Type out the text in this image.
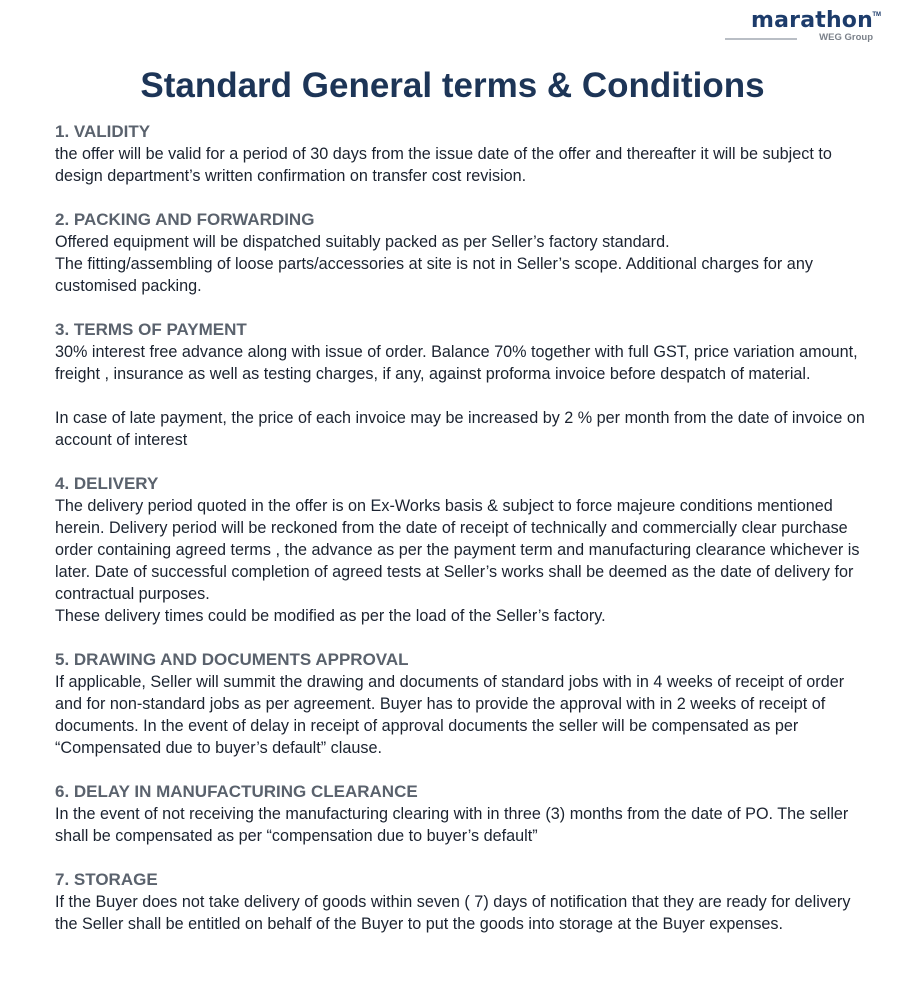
marathon TM
WEG Group
Standard General terms & Conditions

1. VALIDITY

the offer will be valid for a period of 30 days from the issue date of the offer and thereafter it will be subject to design department’s written confirmation on transfer cost revision.

2. PACKING AND FORWARDING

Offered equipment will be dispatched suitably packed as per Seller’s factory standard.

The fitting/assembling of loose parts/accessories at site is not in Seller’s scope. Additional charges for any customised packing.

3. TERMS OF PAYMENT

30% interest free advance along with issue of order. Balance 70% together with full GST, price variation amount, freight , insurance as well as testing charges, if any, against proforma invoice before despatch of material.

In case of late payment, the price of each invoice may be increased by 2 % per month from the date of invoice on account of interest

4. DELIVERY

The delivery period quoted in the offer is on Ex-Works basis & subject to force majeure conditions mentioned herein. Delivery period will be reckoned from the date of receipt of technically and commercially clear purchase order containing agreed terms , the advance as per the payment term and manufacturing clearance whichever is later. Date of successful completion of agreed tests at Seller’s works shall be deemed as the date of delivery for contractual purposes.

These delivery times could be modified as per the load of the Seller’s factory.

5. DRAWING AND DOCUMENTS APPROVAL

If applicable, Seller will summit the drawing and documents of standard jobs with in 4 weeks of receipt of order and for non-standard jobs as per agreement. Buyer has to provide the approval with in 2 weeks of receipt of documents. In the event of delay in receipt of approval documents the seller will be compensated as per “Compensated due to buyer’s default” clause.

6. DELAY IN MANUFACTURING CLEARANCE

In the event of not receiving the manufacturing clearing with in three (3) months from the date of PO. The seller shall be compensated as per “compensation due to buyer’s default”

7. STORAGE

If the Buyer does not take delivery of goods within seven ( 7) days of notification that they are ready for delivery the Seller shall be entitled on behalf of the Buyer to put the goods into storage at the Buyer expenses.
